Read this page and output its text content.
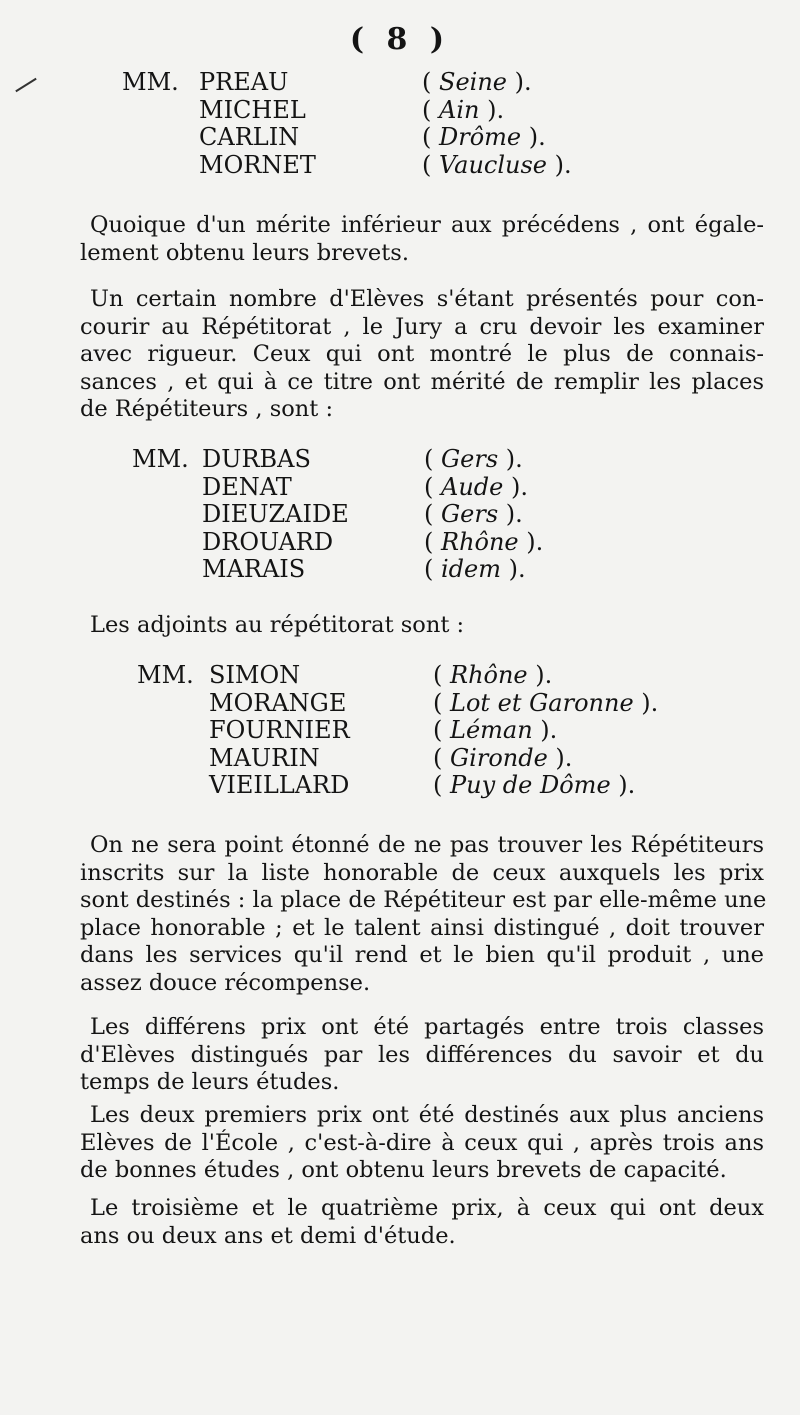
( 8 )
MM. PREAU	( Seine ).
MICHEL	( Ain ).
CARLIN	( Drôme ).
MORNET	( Vaucluse ).
Quoique d'un mérite inférieur aux précédens , ont égale-
lement obtenu leurs brevets.
Un certain nombre d'Elèves s'étant présentés pour con-
courir au Répétitorat , le Jury a cru devoir les examiner
avec rigueur. Ceux qui ont montré le plus de connais-
sances , et qui à ce titre ont mérité de remplir les places
de Répétiteurs , sont :
MM. DURBAS	( Gers ).
DENAT	( Aude ).
DIEUZAIDE	( Gers ).
DROUARD	( Rhône ).
MARAIS	( idem ).
Les adjoints au répétitorat sont :
MM. SIMON	( Rhône ).
MORANGE	( Lot et Garonne ).
FOURNIER	( Léman ).
MAURIN	( Gironde ).
VIEILLARD	( Puy de Dôme ).
On ne sera point étonné de ne pas trouver les Répétiteurs
inscrits sur la liste honorable de ceux auxquels les prix
sont destinés : la place de Répétiteur est par elle-même une
place honorable ; et le talent ainsi distingué , doit trouver
dans les services qu'il rend et le bien qu'il produit , une
assez douce récompense.
Les différens prix ont été partagés entre trois classes
d'Elèves distingués par les différences du savoir et du
temps de leurs études.
Les deux premiers prix ont été destinés aux plus anciens
Elèves de l'École , c'est-à-dire à ceux qui , après trois ans
de bonnes études , ont obtenu leurs brevets de capacité.
Le troisième et le quatrième prix, à ceux qui ont deux
ans ou deux ans et demi d'étude.
